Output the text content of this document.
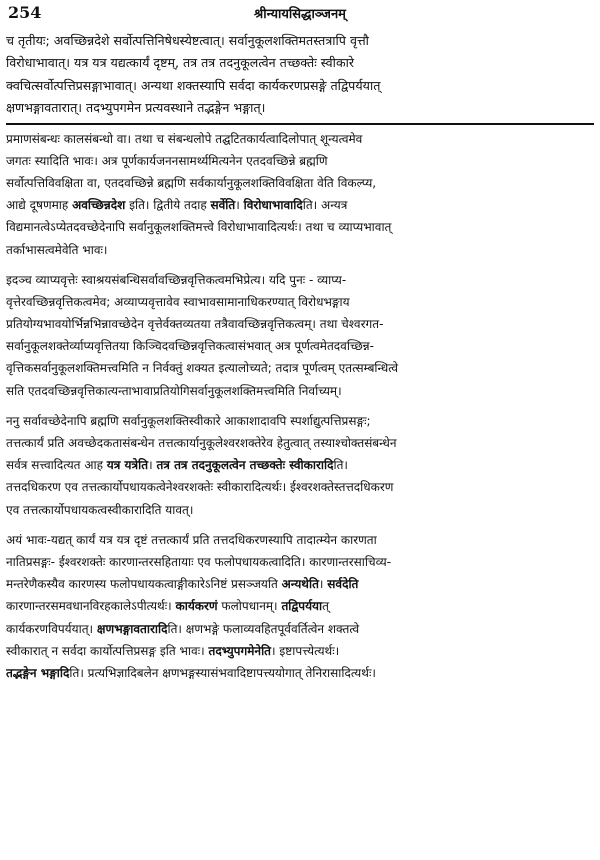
254	श्रीन्यायसिद्धाञ्जनम्
च तृतीयः; अवच्छिन्नदेशे सर्वोत्पत्तिनिषेधस्येष्टत्वात्। सर्वानुकूलशक्तिमतस्तत्रापि वृत्तौ
विरोधाभावात्। यत्र यत्र यद्यत्कार्यं दृष्टम्, तत्र तत्र तदनुकूलत्वेन तच्छक्तेः स्वीकारे
क्वचित्सर्वोत्पत्तिप्रसङ्गाभावात्। अन्यथा शक्तस्यापि सर्वदा कार्यकरणप्रसङ्गे तद्विपर्ययात्
क्षणभङ्गावतारात्। तदभ्युपगमेन प्रत्यवस्थाने तद्भङ्गेन भङ्गात्।
प्रमाणसंबन्धः कालसंबन्धो वा। तथा च संबन्धलोपे तद्घटितकार्यत्वादिलोपात् शून्यत्वमेव
जगतः स्यादिति भावः। अत्र पूर्णकार्यजननसामर्थ्यमित्यनेन एतदवच्छिन्ने ब्रह्मणि
सर्वोत्पत्तिविवक्षिता वा, एतदवच्छिन्ने ब्रह्मणि सर्वकार्यानुकूलशक्तिविवक्षिता वेति विकल्प्य,
आद्ये दूषणमाह अवच्छिन्नदेश इति। द्वितीये तदाह सर्वेति। विरोधाभावादिति। अन्यत्र
विद्यमानत्वेऽप्येतदवच्छेदेनापि सर्वानुकूलशक्तिमत्त्वे विरोधाभावादित्यर्थः। तथा च व्याप्यभावात्
तर्काभासत्वमेवेति भावः।
इदञ्च व्याप्यवृत्तेः स्वाश्रयसंबन्धिसर्वावच्छिन्नवृत्तिकत्वमभिप्रेत्य। यदि पुनः - व्याप्य-
वृत्तेरवच्छिन्नवृत्तिकत्वमेव; अव्याप्यवृत्तावेव स्वाभावसामानाधिकरण्यात् विरोधभङ्गाय
प्रतियोग्यभावयोर्भिन्नभिन्नावच्छेदेन वृत्तेर्वक्तव्यतया तत्रैवावच्छिन्नवृत्तिकत्वम्। तथा चेश्वरगत-
सर्वानुकूलशक्तेर्व्याप्यवृत्तितया किञ्चिदवच्छिन्नवृत्तिकत्वासंभवात् अत्र पूर्णत्वमेतदवच्छिन्न-
वृत्तिकसर्वानुकूलशक्तिमत्त्वमिति न निर्वक्तुं शक्यत इत्यालोच्यते; तदात्र पूर्णत्वम् एतत्सम्बन्धित्वे
सति एतदवच्छिन्नवृत्तिकात्यन्ताभावाप्रतियोगिसर्वानुकूलशक्तिमत्त्वमिति निर्वाच्यम्।
ननु सर्वावच्छेदेनापि ब्रह्मणि सर्वानुकूलशक्तिस्वीकारे आकाशादावपि स्पर्शाद्युत्पत्तिप्रसङ्गः;
तत्तत्कार्यं प्रति अवच्छेदकतासंबन्धेन तत्तत्कार्यानुकूलेश्वरशक्तेरेव हेतुत्वात् तस्याश्चोक्तसंबन्धेन
सर्वत्र सत्त्वादित्यत आह यत्र यत्रेति। तत्र तत्र तदनुकूलत्वेन तच्छक्तेः स्वीकारादिति।
तत्तदधिकरण एव तत्तत्कार्योपधायकत्वेनेश्वरशक्तेः स्वीकारादित्यर्थः। ईश्वरशक्तेस्तत्तदधिकरण
एव तत्तत्कार्योपधायकत्वस्वीकारादिति यावत्।
अयं भावः-यद्यत् कार्यं यत्र यत्र दृष्टं तत्तत्कार्यं प्रति तत्तदधिकरणस्यापि तादात्म्येन कारणता
नातिप्रसङ्गः- ईश्वरशक्तेः कारणान्तरसहितायाः एव फलोपधायकत्वादिति। कारणान्तरसाचिव्य-
मन्तरेणैकस्यैव कारणस्य फलोपधायकत्वाङ्गीकारेऽनिष्टं प्रसञ्जयति अन्यथेति। सर्वदेति
कारणान्तरसमवधानविरहकालेऽपीत्यर्थः। कार्यकरणं फलोपधानम्। तद्विपर्ययात्
कार्यकरणविपर्ययात्। क्षणभङ्गावतारादिति। क्षणभङ्गे फलाव्यवहितपूर्ववर्तित्वेन शक्तत्वे
स्वीकारात् न सर्वदा कार्योत्पत्तिप्रसङ्ग इति भावः। तदभ्युपगमेनेति। इष्टापत्त्येत्यर्थः।
तद्भङ्गेन भङ्गादिति। प्रत्यभिज्ञादिबलेन क्षणभङ्गस्यासंभवादिष्टापत्त्ययोगात् तेनिरासादित्यर्थः।
